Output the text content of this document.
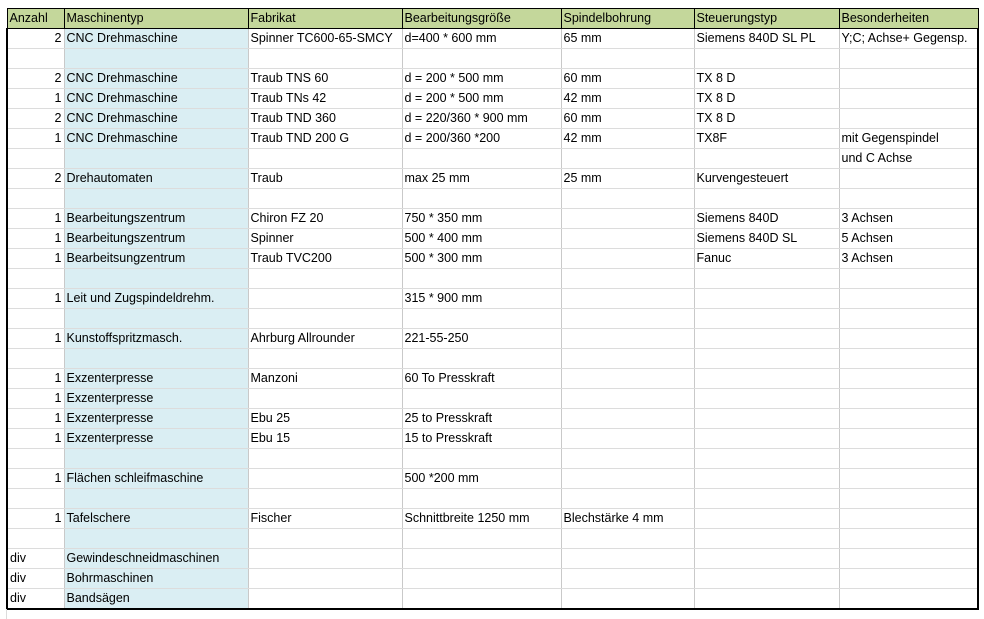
Anzahl	Maschinentyp	Fabrikat	Bearbeitungsgröße	Spindelbohrung	Steuerungstyp	Besonderheiten
2	CNC Drehmaschine	Spinner TC600-65-SMCY	d=400 * 600 mm	65 mm	Siemens 840D SL PL	Y;C; Achse+ Gegensp.

2	CNC Drehmaschine	Traub TNS 60	d = 200 * 500 mm	60 mm	TX 8 D	
1	CNC Drehmaschine	Traub TNs 42	d = 200 * 500 mm	42 mm	TX 8 D	
2	CNC Drehmaschine	Traub TND 360	d = 220/360 * 900 mm	60 mm	TX 8 D	
1	CNC Drehmaschine	Traub TND 200 G	d = 200/360 *200	42 mm	TX8F	mit Gegenspindel
						und C Achse
2	Drehautomaten	Traub	max 25 mm	25 mm	Kurvengesteuert	

1	Bearbeitungszentrum	Chiron FZ 20	750 * 350 mm		Siemens 840D	3 Achsen
1	Bearbeitungszentrum	Spinner	500 * 400 mm		Siemens 840D SL	5 Achsen
1	Bearbeitsungzentrum	Traub TVC200	500 * 300 mm		Fanuc	3 Achsen

1	Leit und Zugspindeldrehm.		315 * 900 mm			

1	Kunstoffspritzmasch.	Ahrburg Allrounder	221-55-250			

1	Exzenterpresse	Manzoni	60 To Presskraft			
1	Exzenterpresse					
1	Exzenterpresse	Ebu 25	25 to Presskraft			
1	Exzenterpresse	Ebu 15	15 to Presskraft			

1	Flächen schleifmaschine		500 *200 mm			

1	Tafelschere	Fischer	Schnittbreite 1250 mm	Blechstärke 4 mm		

div	Gewindeschneidmaschinen					
div	Bohrmaschinen					
div	Bandsägen					
